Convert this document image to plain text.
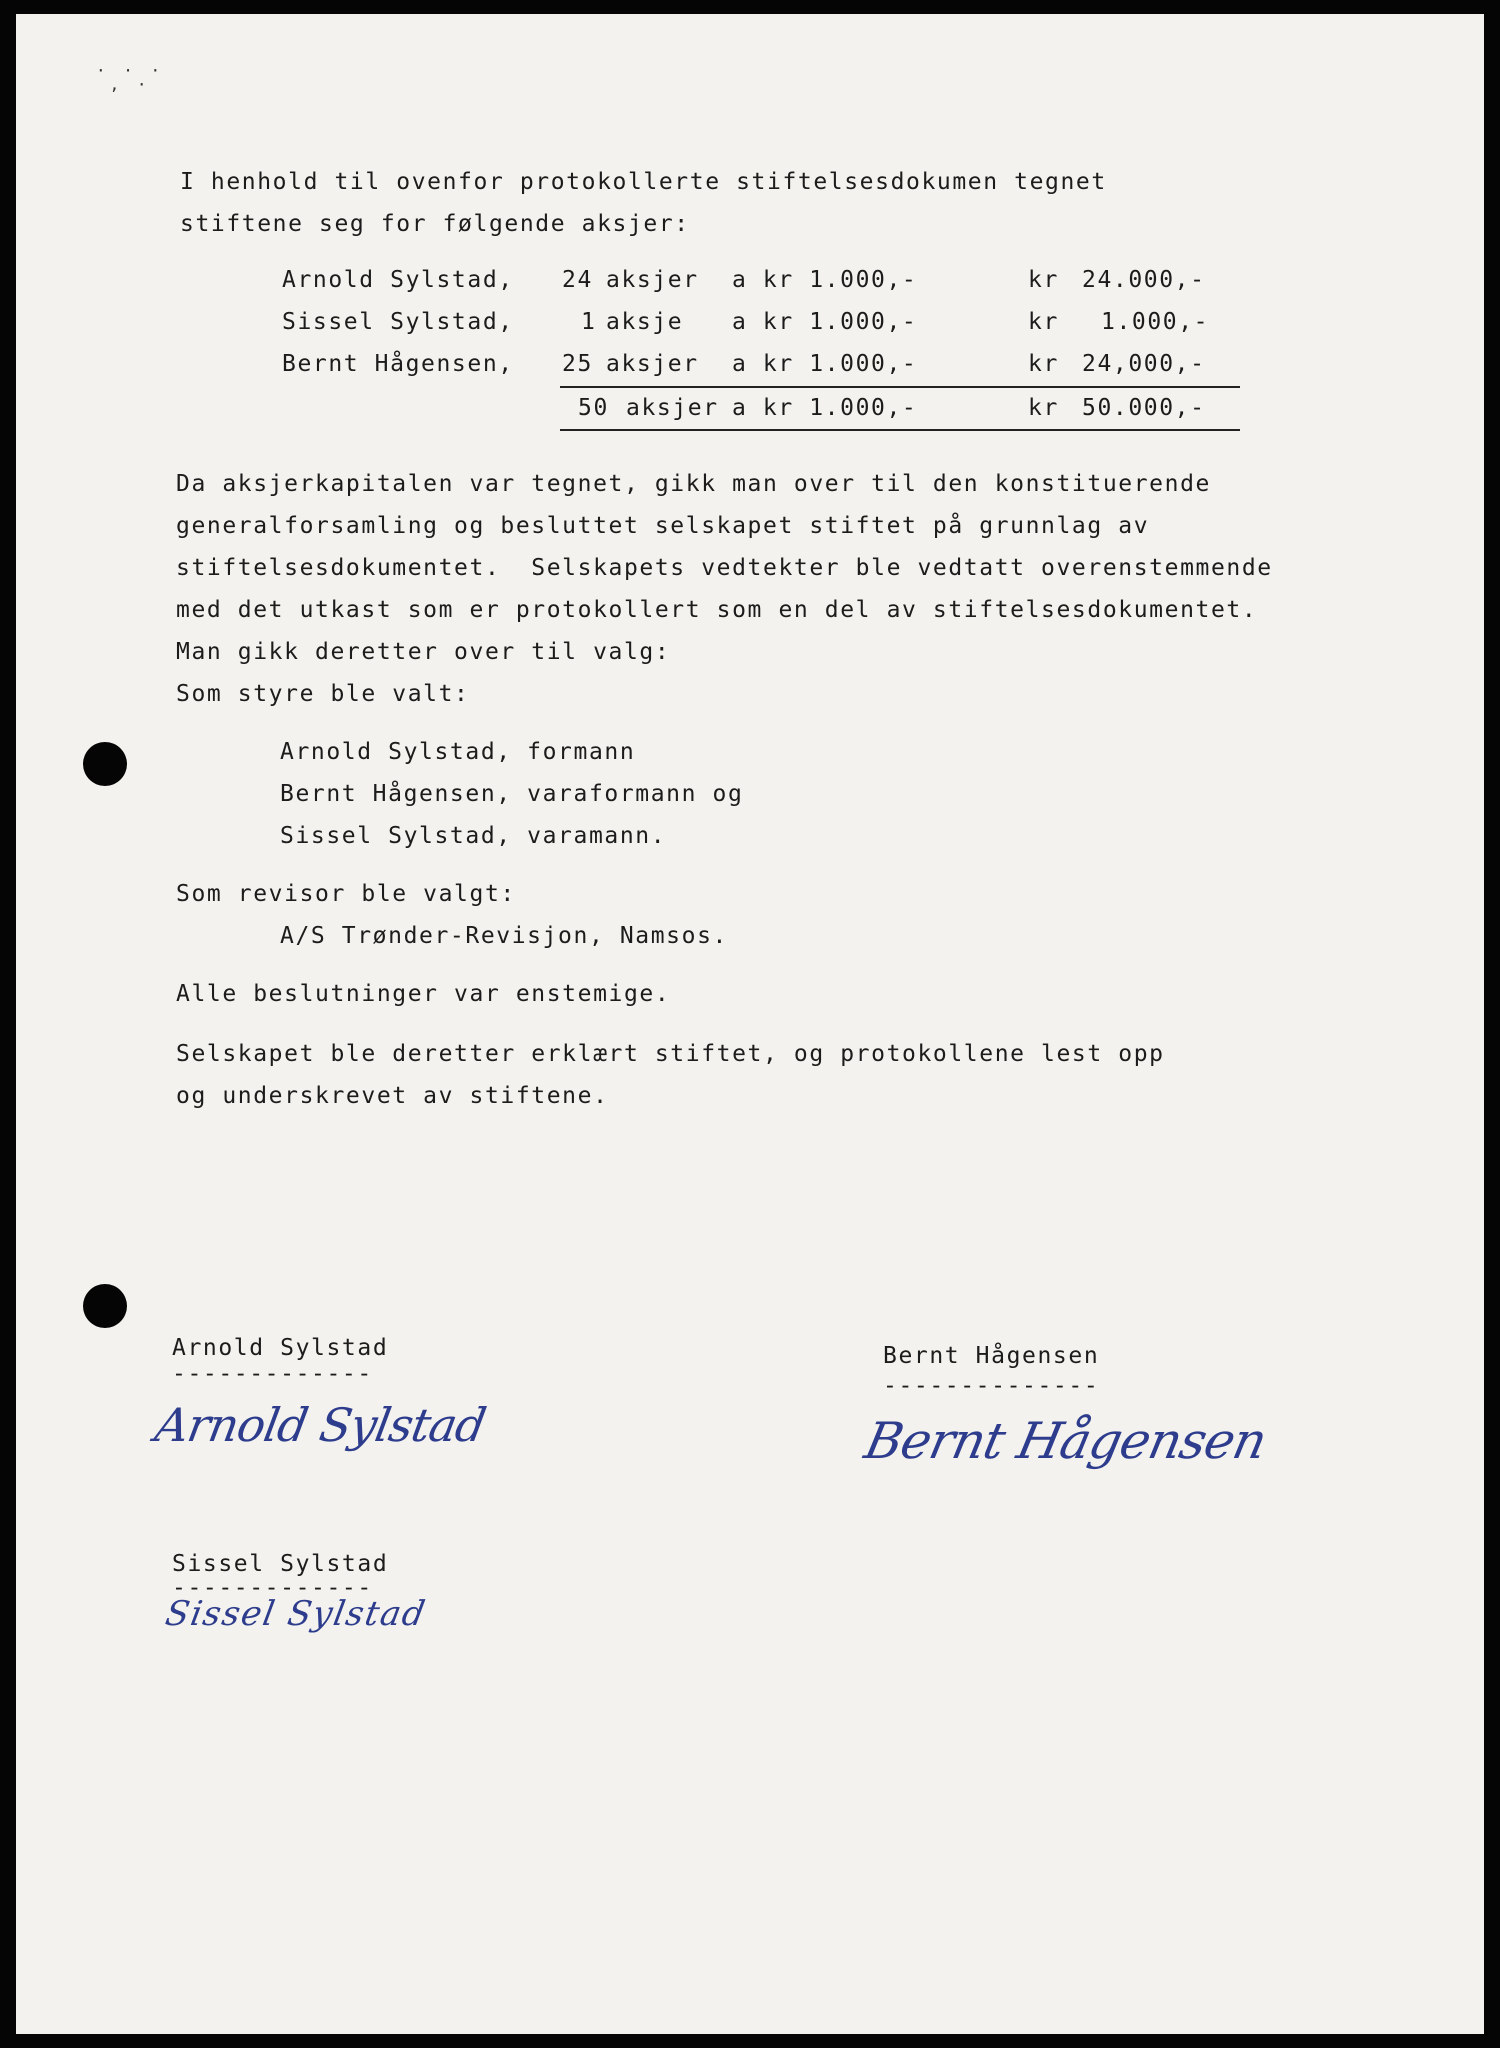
· · ·
, ·
I henhold til ovenfor protokollerte stiftelsesdokumen tegnet
stiftene seg for følgende aksjer:
Arnold Sylstad, 24 aksjer a kr 1.000,-	kr 24.000,-
Sissel Sylstad,	1 aksje a kr 1.000,-	kr 1.000,-
Bernt Hågensen, 25 aksjer a kr 1.000,-	kr 24,000,-
50 aksjer a kr 1.000,-	kr 50.000,-
Da aksjerkapitalen var tegnet, gikk man over til den konstituerende
generalforsamling og besluttet selskapet stiftet på grunnlag av
stiftelsesdokumentet.  Selskapets vedtekter ble vedtatt overenstemmende
med det utkast som er protokollert som en del av stiftelsesdokumentet.
Man gikk deretter over til valg:
Som styre ble valt:
Arnold Sylstad, formann
Bernt Hågensen, varaformann og
Sissel Sylstad, varamann.
Som revisor ble valgt:
A/S Trønder-Revisjon, Namsos.
Alle beslutninger var enstemige.
Selskapet ble deretter erklært stiftet, og protokollene lest opp
og underskrevet av stiftene.
Arnold Sylstad
-------------
Arnold Sylstad
Bernt Hågensen
--------------
Bernt Hågensen
Sissel Sylstad
-------------
Sissel Sylstad
